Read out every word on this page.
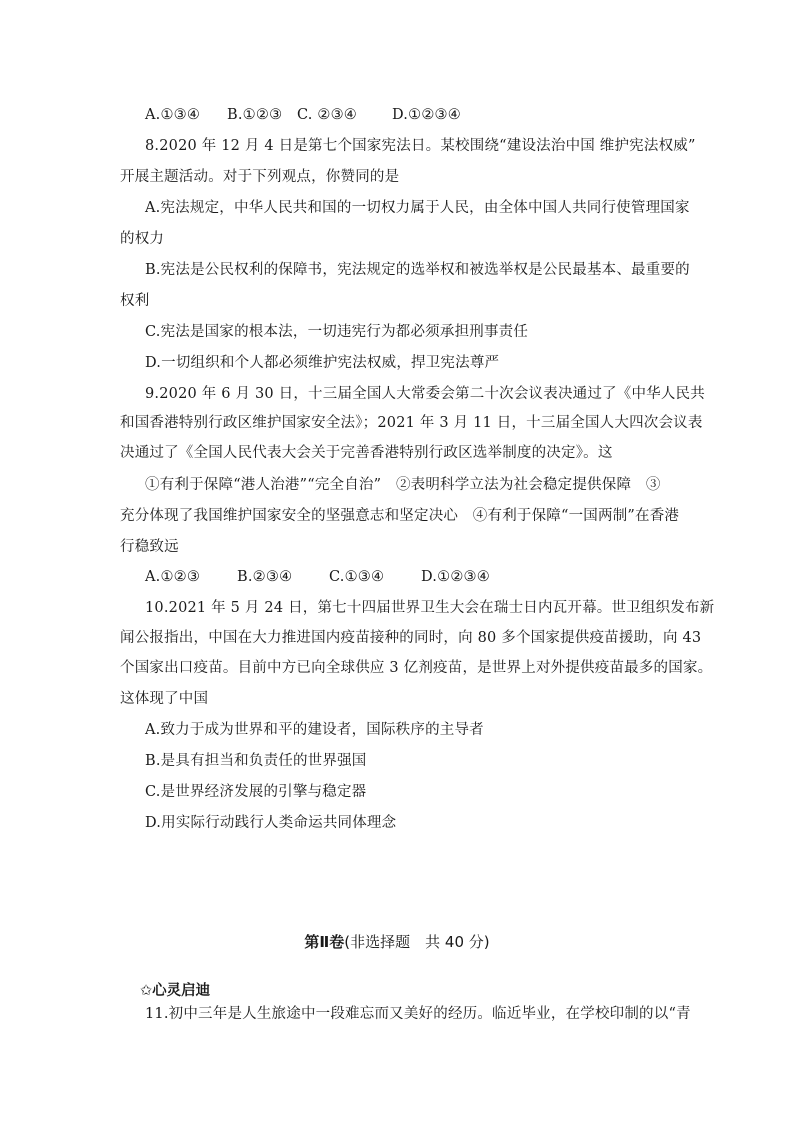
A.①③④ B.①②③ C. ②③④ D.①②③④
8.2020 年 12 月 4 日是第七个国家宪法日。某校围绕“建设法治中国 维护宪法权威”
开展主题活动。对于下列观点，你赞同的是
A.宪法规定，中华人民共和国的一切权力属于人民，由全体中国人共同行使管理国家
的权力
B.宪法是公民权利的保障书，宪法规定的选举权和被选举权是公民最基本、最重要的
权利
C.宪法是国家的根本法，一切违宪行为都必须承担刑事责任
D.一切组织和个人都必须维护宪法权威，捍卫宪法尊严
9.2020 年 6 月 30 日，十三届全国人大常委会第二十次会议表决通过了《中华人民共
和国香港特别行政区维护国家安全法》；2021 年 3 月 11 日，十三届全国人大四次会议表
决通过了《全国人民代表大会关于完善香港特别行政区选举制度的决定》。这
①有利于保障“港人治港”“完全自治”　②表明科学立法为社会稳定提供保障　③
充分体现了我国维护国家安全的坚强意志和坚定决心　④有利于保障“一国两制”在香港
行稳致远
A.①②③	B.②③④	C.①③④	D.①②③④
10.2021 年 5 月 24 日，第七十四届世界卫生大会在瑞士日内瓦开幕。世卫组织发布新
闻公报指出，中国在大力推进国内疫苗接种的同时，向 80 多个国家提供疫苗援助，向 43
个国家出口疫苗。目前中方已向全球供应 3 亿剂疫苗，是世界上对外提供疫苗最多的国家。
这体现了中国
A.致力于成为世界和平的建设者，国际秩序的主导者
B.是具有担当和负责任的世界强国
C.是世界经济发展的引擎与稳定器
D.用实际行动践行人类命运共同体理念
第Ⅱ卷(非选择题　共 40 分)
✩心灵启迪
11.初中三年是人生旅途中一段难忘而又美好的经历。临近毕业，在学校印制的以“青
